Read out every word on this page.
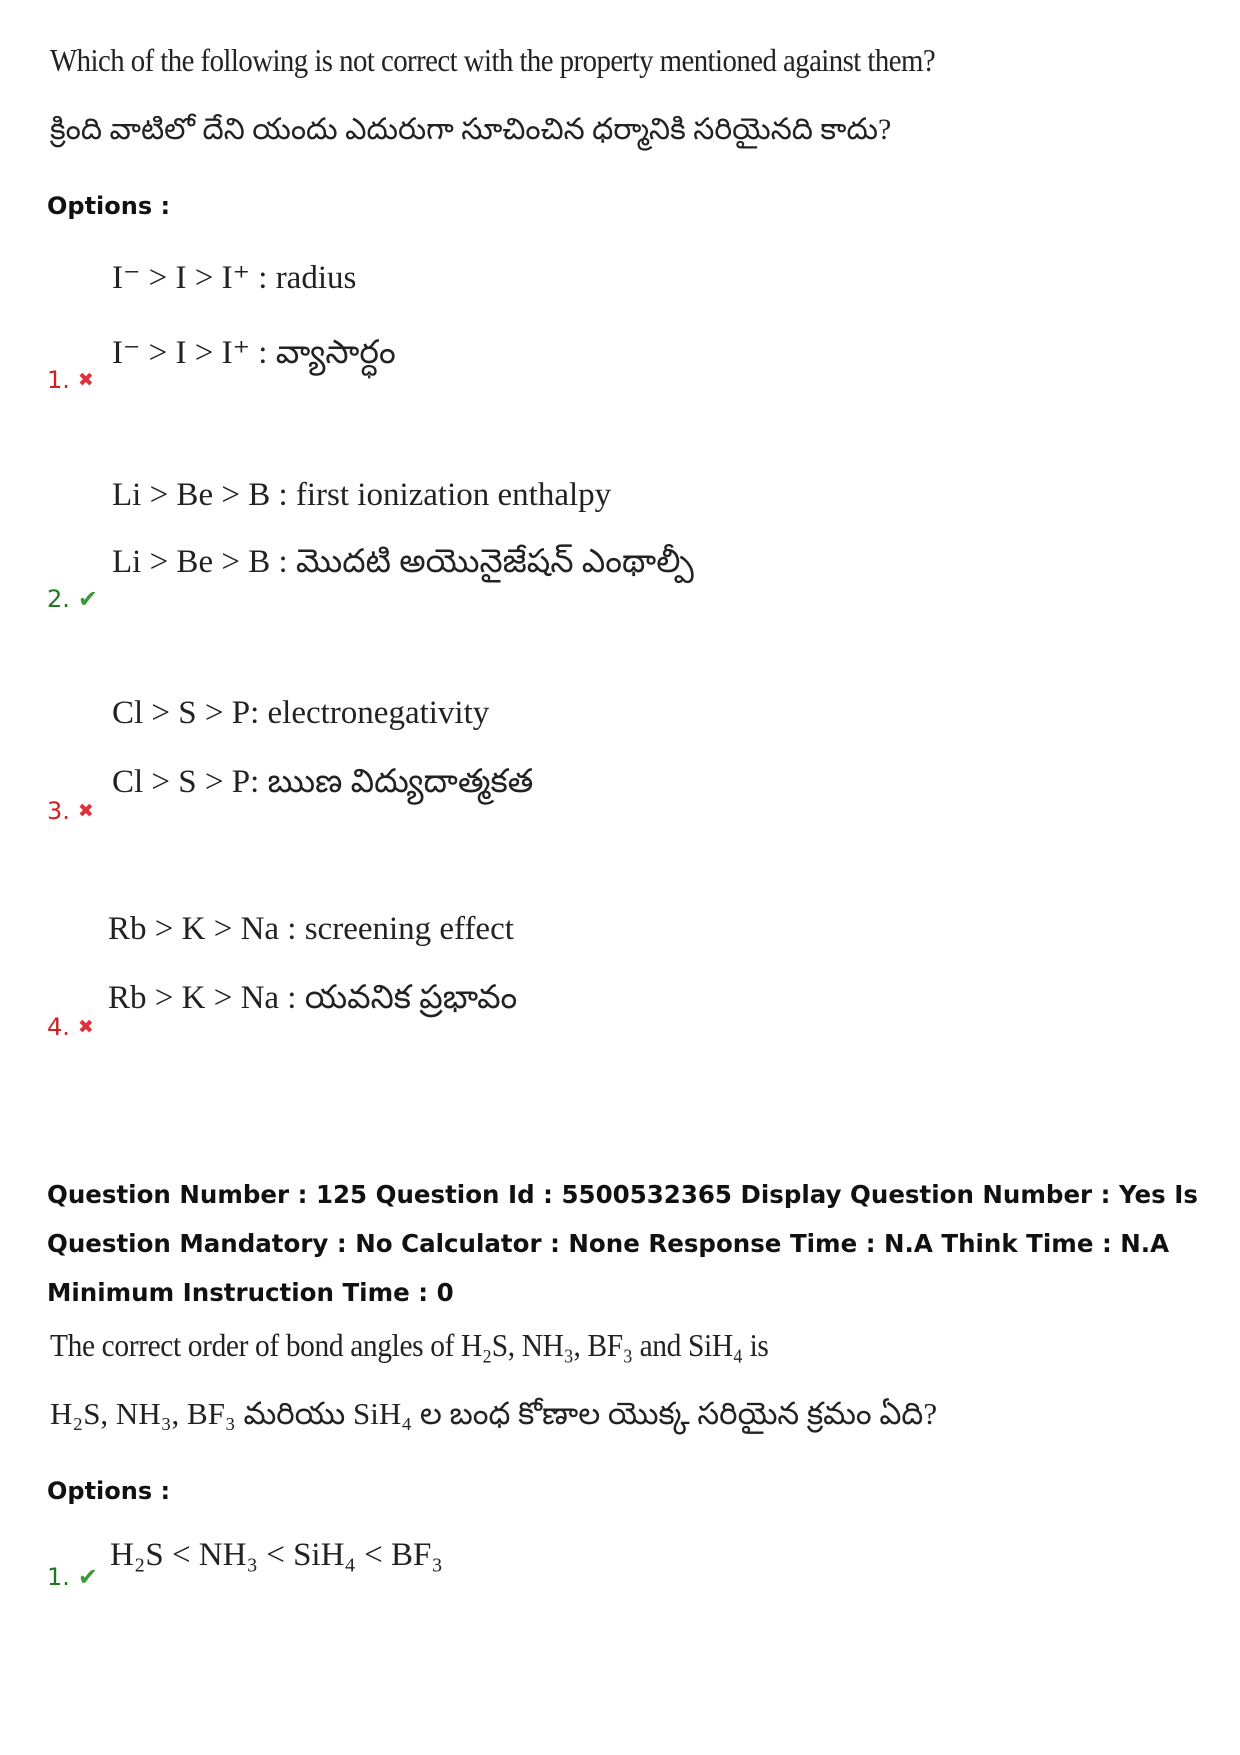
Which of the following is not correct with the property mentioned against them?
క్రింది వాటిలో దేని యందు ఎదురుగా సూచించిన ధర్మానికి సరియైనది కాదు?
Options :
I⁻ > I > I⁺ : radius
I⁻ > I > I⁺ : వ్యాసార్ధం
1. ✖
Li > Be > B : first ionization enthalpy
Li > Be > B : మొదటి అయొనైజేషన్ ఎంథాల్పీ
2. ✔
Cl > S > P: electronegativity
Cl > S > P: ఋణ విద్యుదాత్మకత
3. ✖
Rb > K > Na : screening effect
Rb > K > Na : యవనిక ప్రభావం
4. ✖
Question Number : 125 Question Id : 5500532365 Display Question Number : Yes Is Question Mandatory : No Calculator : None Response Time : N.A Think Time : N.A Minimum Instruction Time : 0
The correct order of bond angles of H₂S, NH₃, BF₃ and SiH₄ is
H₂S, NH₃, BF₃ మరియు SiH₄ ల బంధ కోణాల యొక్క సరియైన క్రమం ఏది?
Options :
H₂S < NH₃ < SiH₄ < BF₃
1. ✔
